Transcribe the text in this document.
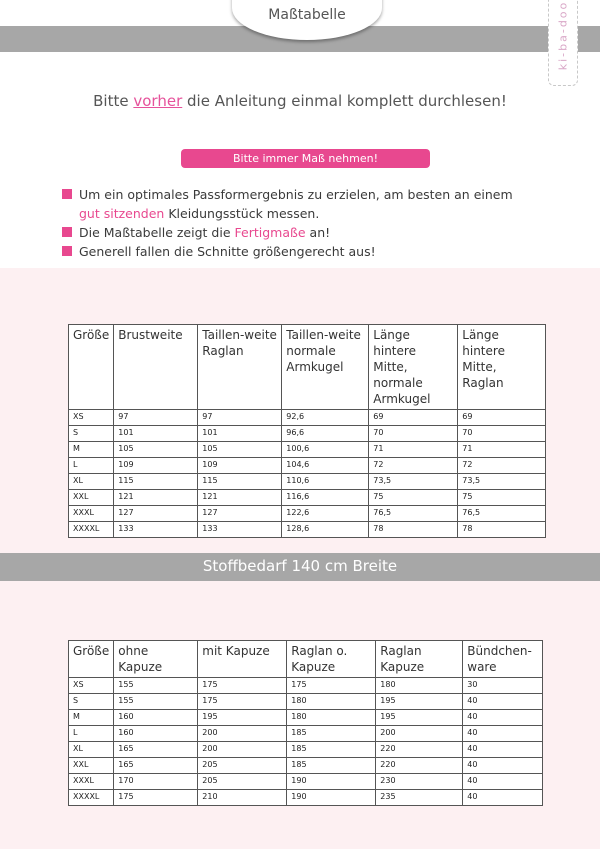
Maßtabelle	ki-ba-doo
Bitte vorher die Anleitung einmal komplett durchlesen!
Bitte immer Maß nehmen!
Um ein optimales Passformergebnis zu erzielen, am besten an einem
gut sitzenden Kleidungsstück messen.
Die Maßtabelle zeigt die Fertigmaße an!
Generell fallen die Schnitte größengerecht aus!
Größe	Brustweite	Taillen-weite Raglan	Taillen-weite normale Armkugel	Länge hintere Mitte, normale Armkugel	Länge hintere Mitte, Raglan
XS	97	97	92,6	69	69
S	101	101	96,6	70	70
M	105	105	100,6	71	71
L	109	109	104,6	72	72
XL	115	115	110,6	73,5	73,5
XXL	121	121	116,6	75	75
XXXL	127	127	122,6	76,5	76,5
XXXXL	133	133	128,6	78	78
Stoffbedarf 140 cm Breite
Größe	ohne Kapuze	mit Kapuze	Raglan o. Kapuze	Raglan Kapuze	Bündchen-ware
XS	155	175	175	180	30
S	155	175	180	195	40
M	160	195	180	195	40
L	160	200	185	200	40
XL	165	200	185	220	40
XXL	165	205	185	220	40
XXXL	170	205	190	230	40
XXXXL	175	210	190	235	40
